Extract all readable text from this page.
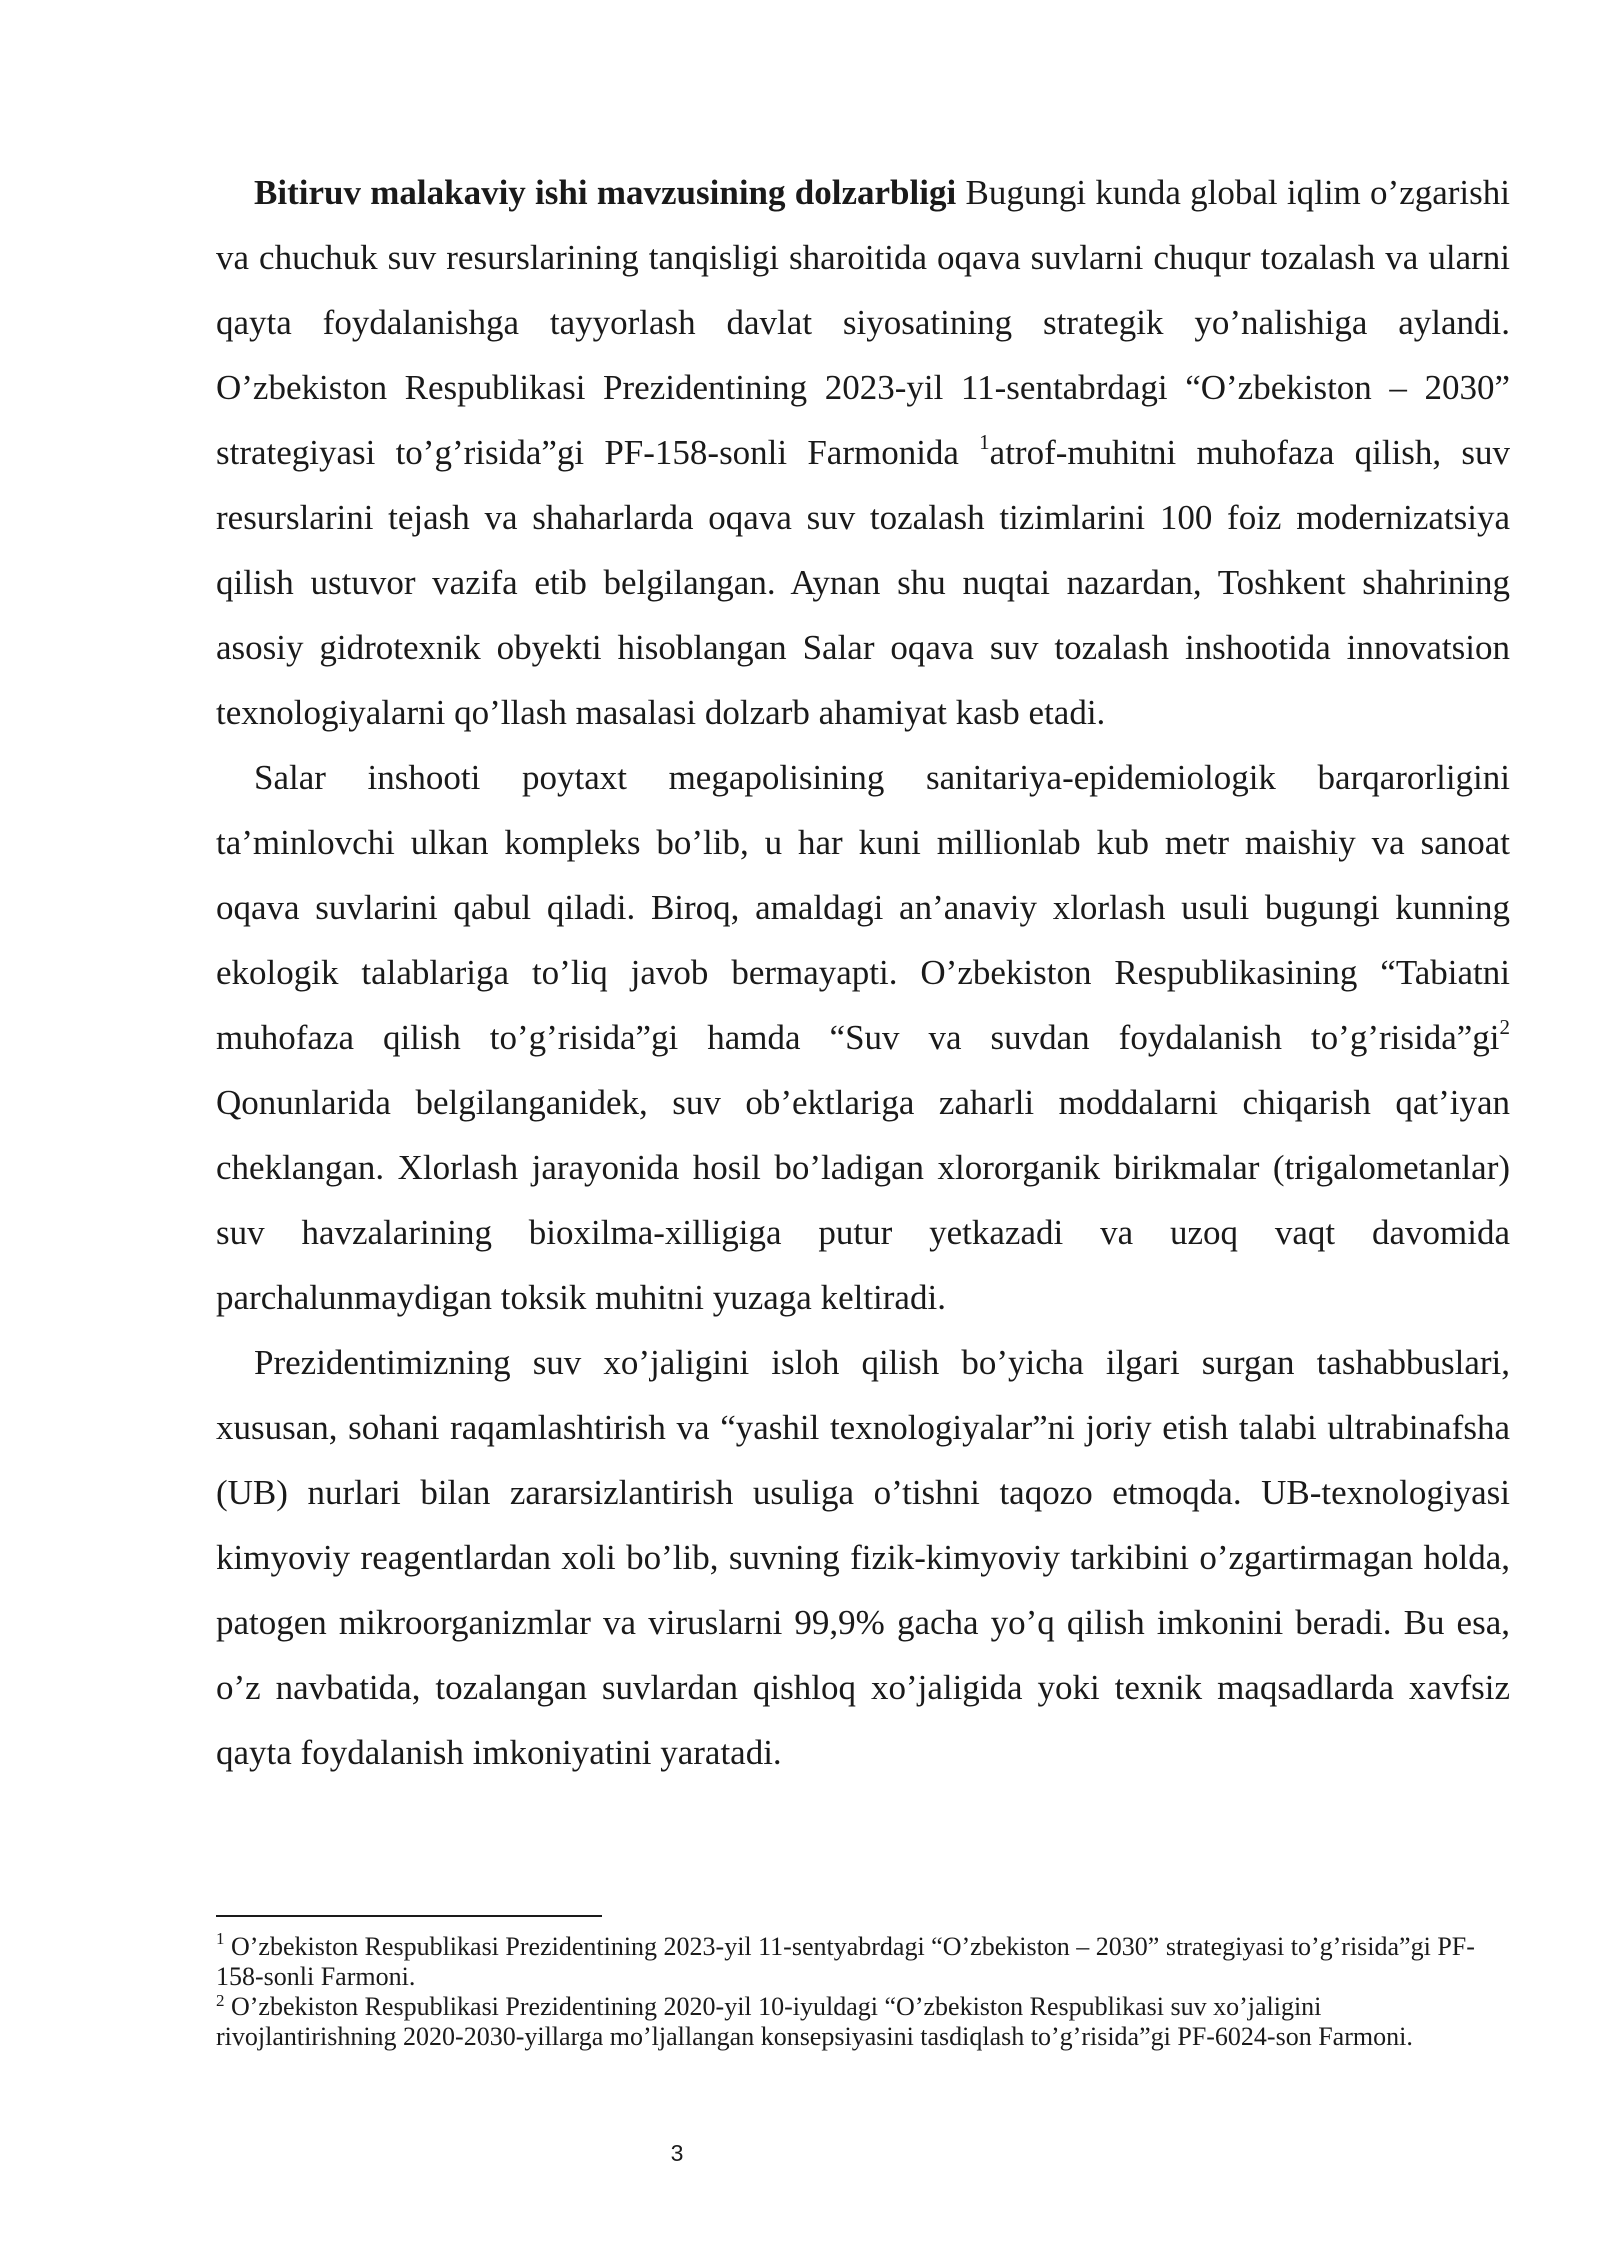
Bitiruv malakaviy ishi mavzusining dolzarbligi Bugungi kunda global iqlim o’zgarishi va chuchuk suv resurslarining tanqisligi sharoitida oqava suvlarni chuqur tozalash va ularni qayta foydalanishga tayyorlash davlat siyosatining strategik yo’nalishiga aylandi. O’zbekiston Respublikasi Prezidentining 2023-yil 11-sentabrdagi “O’zbekiston – 2030” strategiyasi to’g’risida”gi PF-158-sonli Farmonida $^1$atrof-muhitni muhofaza qilish, suv resurslarini tejash va shaharlarda oqava suv tozalash tizimlarini 100 foiz modernizatsiya qilish ustuvor vazifa etib belgilangan. Aynan shu nuqtai nazardan, Toshkent shahrining asosiy gidrotexnik obyekti hisoblangan Salar oqava suv tozalash inshootida innovatsion texnologiyalarni qo’llash masalasi dolzarb ahamiyat kasb etadi.

Salar inshooti poytaxt megapolisining sanitariya-epidemiologik barqarorligini ta’minlovchi ulkan kompleks bo’lib, u har kuni millionlab kub metr maishiy va sanoat oqava suvlarini qabul qiladi. Biroq, amaldagi an’anaviy xlorlash usuli bugungi kunning ekologik talablariga to’liq javob bermayapti. O’zbekiston Respublikasining “Tabiatni muhofaza qilish to’g’risida”gi hamda “Suv va suvdan foydalanish $to’g’risida”gi^2$ Qonunlarida belgilanganidek, suv ob’ektlariga zaharli moddalarni chiqarish qat’iyan cheklangan. Xlorlash jarayonida hosil bo’ladigan xlororganik birikmalar (trigalometanlar) suv havzalarining bioxilma-xilligiga putur yetkazadi va uzoq vaqt davomida parchalunmaydigan toksik muhitni yuzaga keltiradi.

Prezidentimizning suv xo’jaligini isloh qilish bo’yicha ilgari surgan tashabbuslari, xususan, sohani raqamlashtirish va “yashil texnologiyalar”ni joriy etish talabi ultrabinafsha (UB) nurlari bilan zararsizlantirish usuliga o’tishni taqozo etmoqda. UB-texnologiyasi kimyoviy reagentlardan xoli bo’lib, suvning fizik-kimyoviy tarkibini o’zgartirmagan holda, patogen mikroorganizmlar va viruslarni 99,9% gacha yo’q qilish imkonini beradi. Bu esa, o’z navbatida, tozalangan suvlardan qishloq xo’jaligida yoki texnik maqsadlarda xavfsiz qayta foydalanish imkoniyatini yaratadi.

$^1$ O’zbekiston Respublikasi Prezidentining 2023-yil 11-sentyabrdagi “O’zbekiston – 2030” strategiyasi to’g’risida”gi PF-158-sonli Farmoni.

$^2$ O’zbekiston Respublikasi Prezidentining 2020-yil 10-iyuldagi “O’zbekiston Respublikasi suv xo’jaligini rivojlantirishning 2020-2030-yillarga mo’ljallangan konsepsiyasini tasdiqlash to’g’risida”gi PF-6024-son Farmoni.

3
